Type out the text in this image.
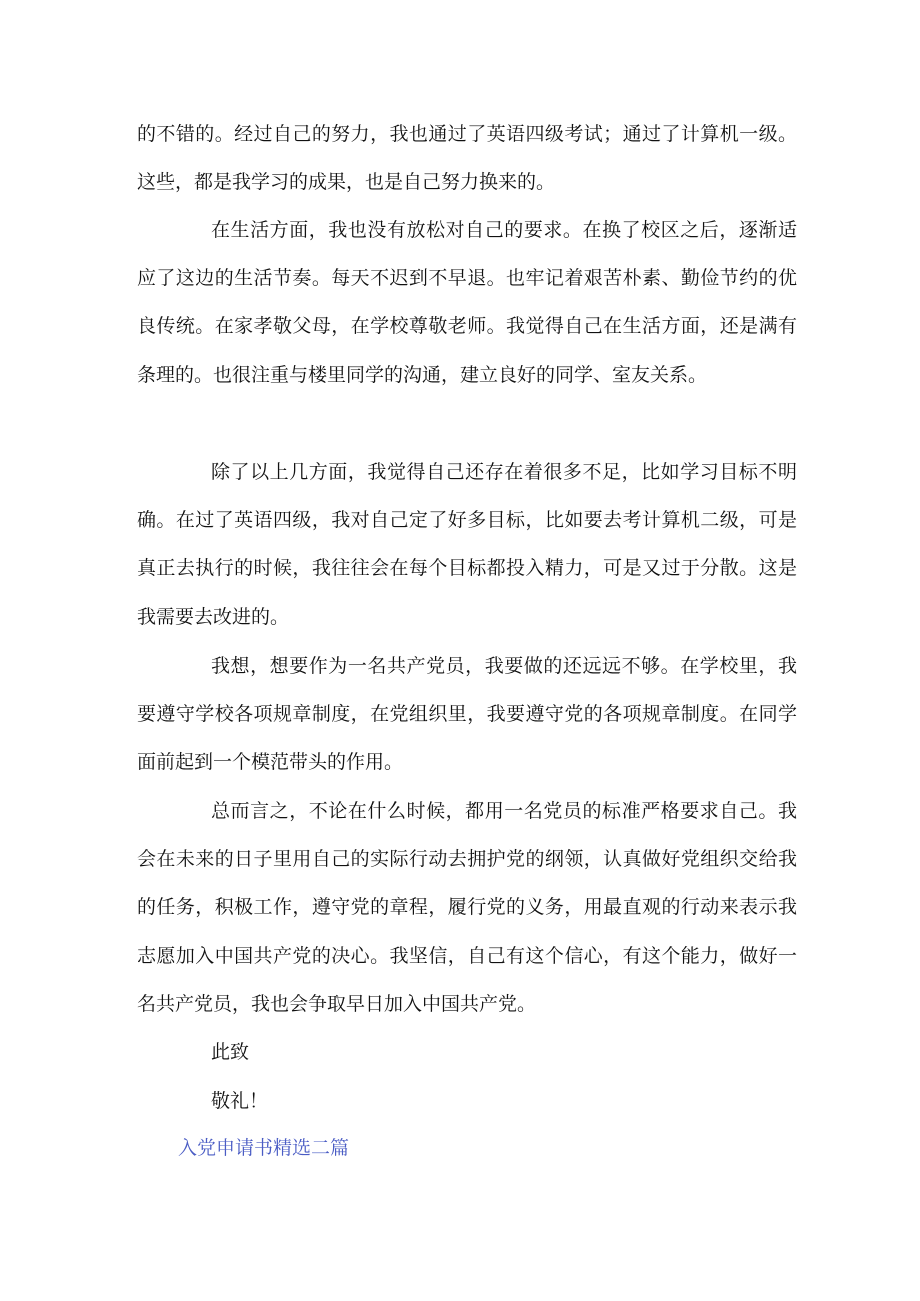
的不错的。经过自己的努力，我也通过了英语四级考试；通过了计算机一级。这些，都是我学习的成果，也是自己努力换来的。

在生活方面，我也没有放松对自己的要求。在换了校区之后，逐渐适应了这边的生活节奏。每天不迟到不早退。也牢记着艰苦朴素、勤俭节约的优良传统。在家孝敬父母，在学校尊敬老师。我觉得自己在生活方面，还是满有条理的。也很注重与楼里同学的沟通，建立良好的同学、室友关系。

除了以上几方面，我觉得自己还存在着很多不足，比如学习目标不明确。在过了英语四级，我对自己定了好多目标，比如要去考计算机二级，可是真正去执行的时候，我往往会在每个目标都投入精力，可是又过于分散。这是我需要去改进的。

我想，想要作为一名共产党员，我要做的还远远不够。在学校里，我要遵守学校各项规章制度，在党组织里，我要遵守党的各项规章制度。在同学面前起到一个模范带头的作用。

总而言之，不论在什么时候，都用一名党员的标准严格要求自己。我会在未来的日子里用自己的实际行动去拥护党的纲领，认真做好党组织交给我的任务，积极工作，遵守党的章程，履行党的义务，用最直观的行动来表示我志愿加入中国共产党的决心。我坚信，自己有这个信心，有这个能力，做好一名共产党员，我也会争取早日加入中国共产党。

此致
敬礼！
入党申请书精选二篇
